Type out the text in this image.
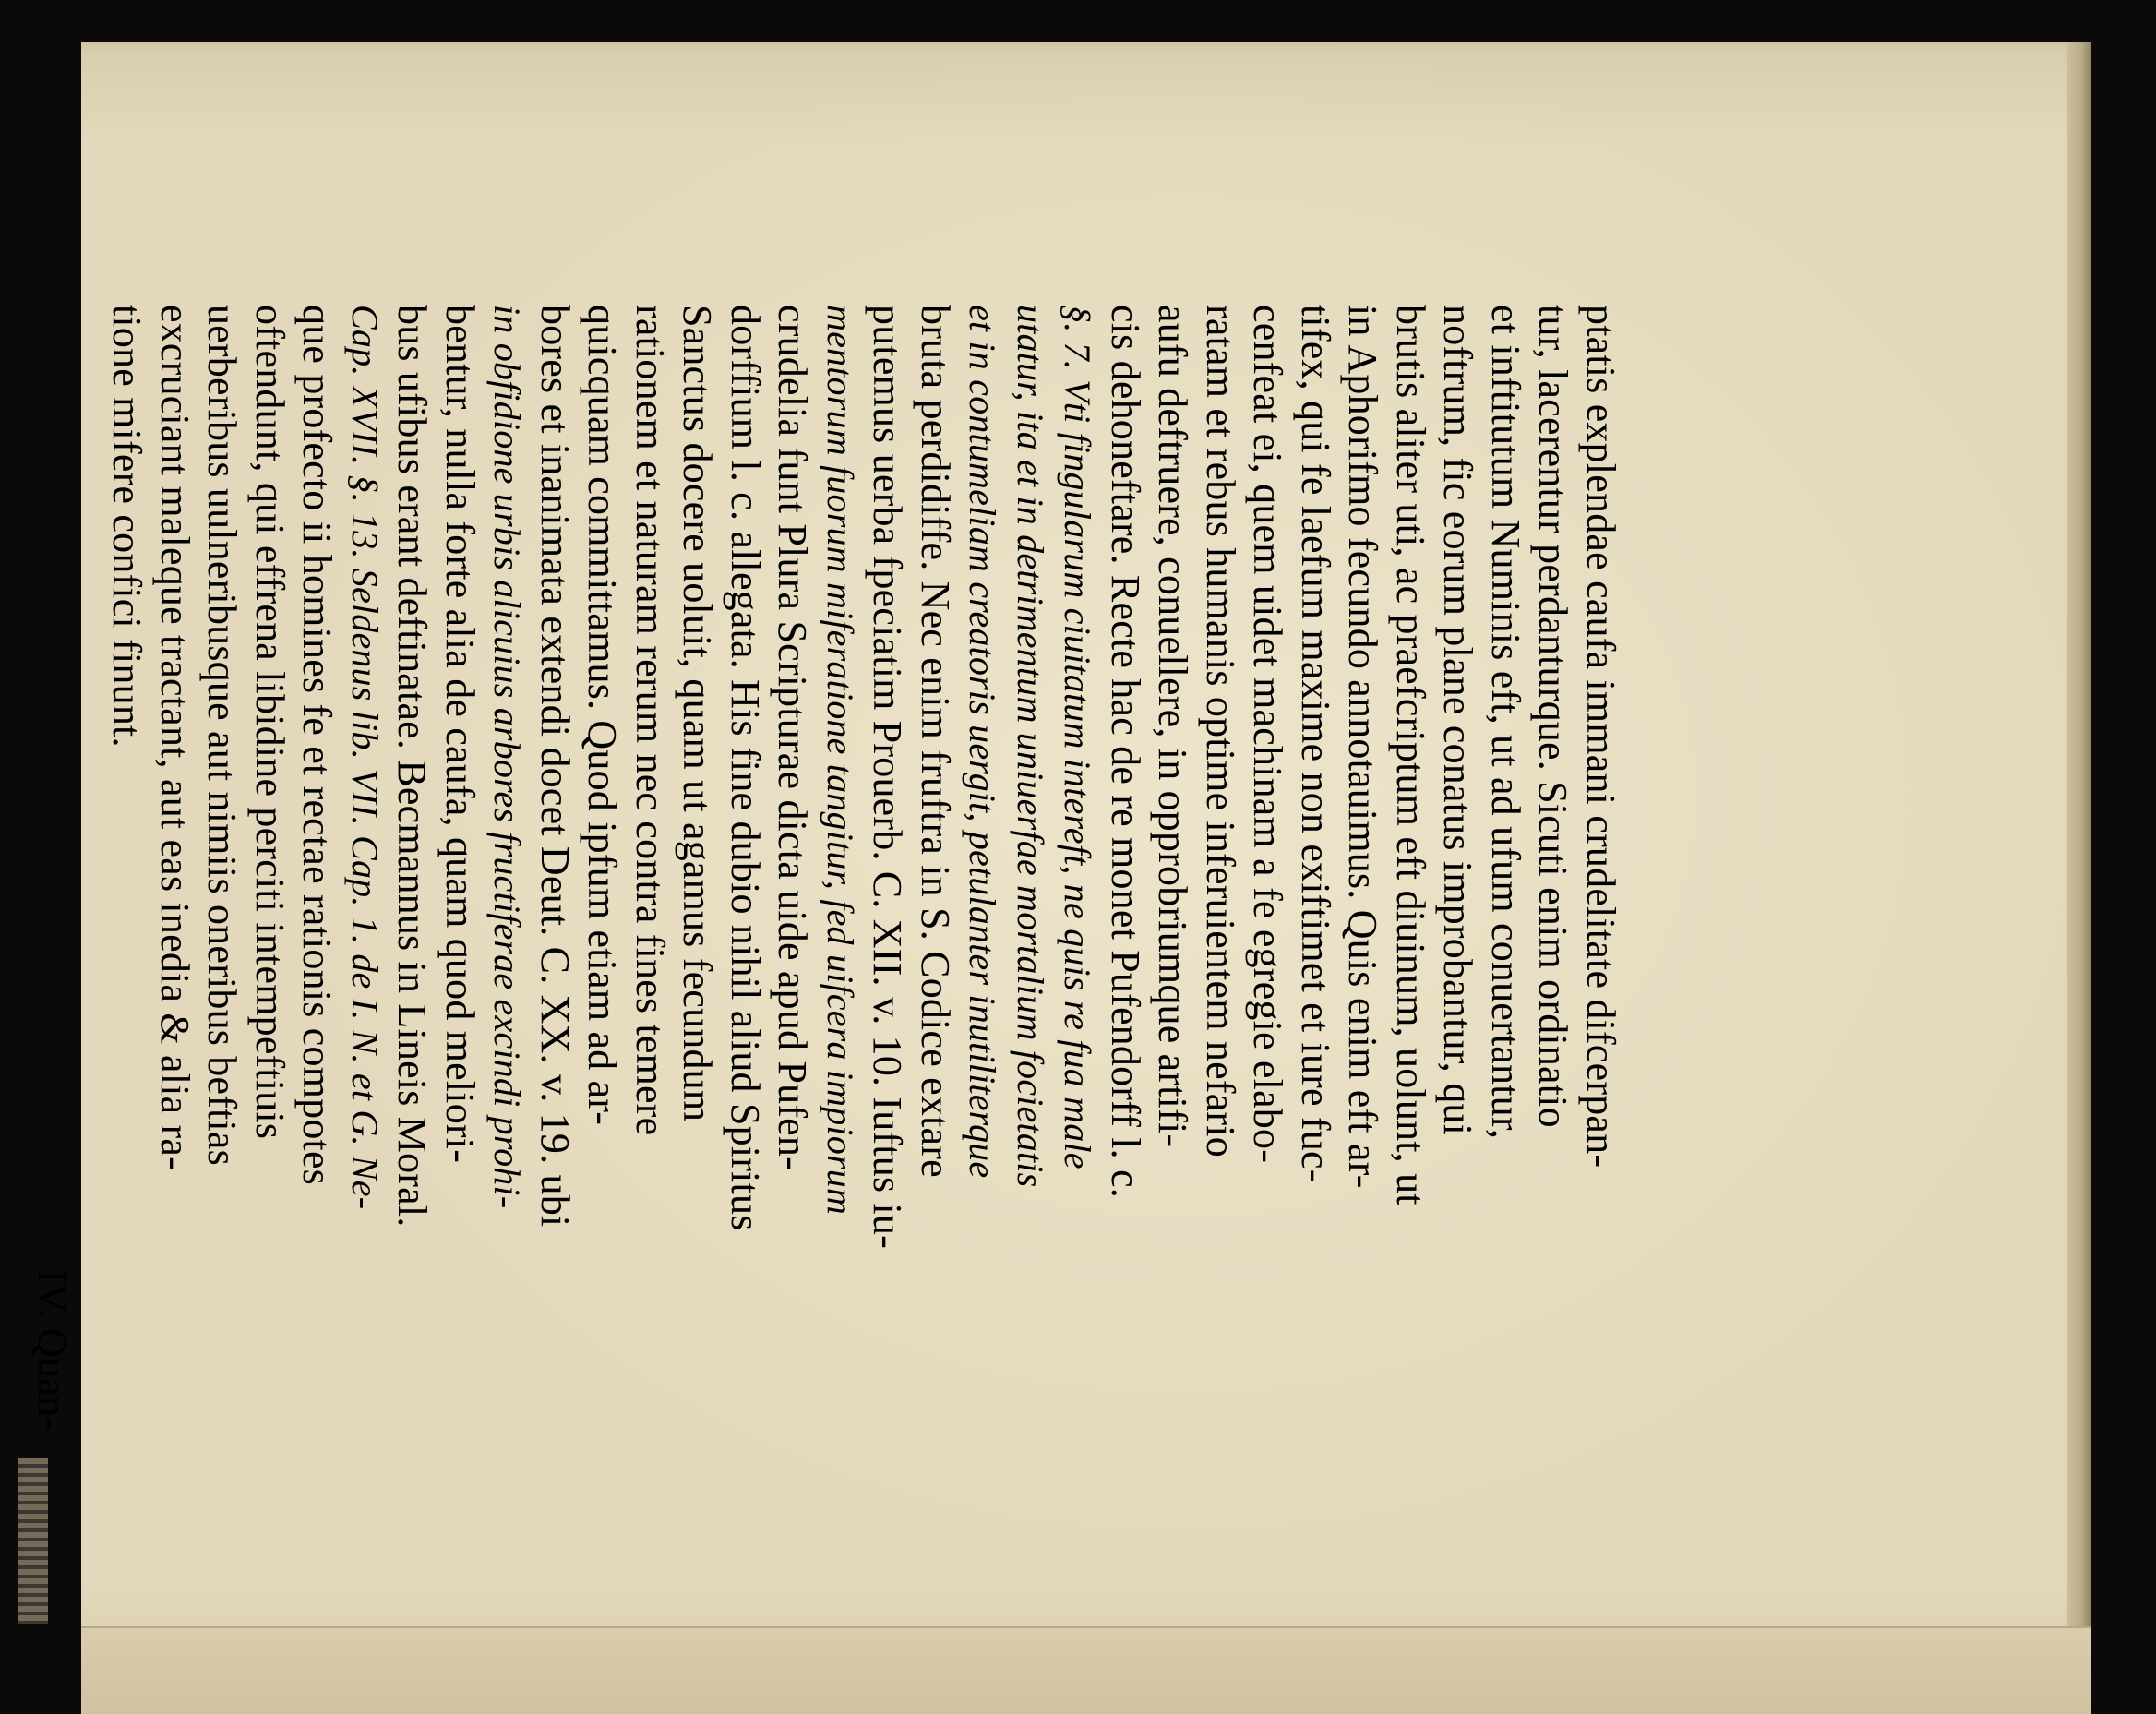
ptatis explendae caufa immani crudelitate difcerpan-
tur, lacerentur perdanturque. Sicuti enim ordinatio
et inftitutum Numinis eft, ut ad ufum conuertantur,
noftrum, fic eorum plane conatus improbantur, qui
brutis aliter uti, ac praefcriptum eft diuinum, uolunt, ut
in Aphorifmo fecundo annotauimus. Quis enim eft ar-
tifex, qui fe laefum maxime non exiftimet et iure fuc-
cenfeat ei, quem uidet machinam a fe egregie elabo-
ratam et rebus humanis optime inferuientem nefario
aufu deftruere, conuellere, in opprobriumque artifi-
cis dehoneftare. Recte hac de re monet Pufendorff l. c.
§. 7. Vti fingularum ciuitatum intereft, ne quis re fua male
utatur, ita et in detrimentum uniuerfae mortalium focietatis
et in contumeliam creatoris uergit, petulanter inutiliterque
bruta perdidiffe. Nec enim fruftra in S. Codice extare
putemus uerba fpeciatim Prouerb. C. XII. v. 10. Iuftus iu-
mentorum fuorum miferatione tangitur, fed uifcera impiorum
crudelia funt Plura Scripturae dicta uide apud Pufen-
dorffium l. c. allegata. His fine dubio nihil aliud Spiritus
Sanctus docere uoluit, quam ut agamus fecundum
rationem et naturam rerum nec contra fines temere
quicquam committamus. Quod ipfum etiam ad ar-
bores et inanimata extendi docet Deut. C. XX. v. 19. ubi
in obfidione urbis alicuius arbores fructiferae excindi prohi-
bentur, nulla forte alia de caufa, quam quod meliori-
bus ufibus erant deftinatae. Becmannus in Lineis Moral.
Cap. XVII. §. 13. Seldenus lib. VII. Cap. 1. de I. N. et G. Ne-
que profecto ii homines fe et rectae rationis compotes
oftendunt, qui effrena libidine perciti intempeftiuis
uerberibus uulneribusque aut nimiis oneribus beftias
excruciant maleque tractant, aut eas inedia & alia ra-
tione mifere confici finunt.
IV. Quan-
